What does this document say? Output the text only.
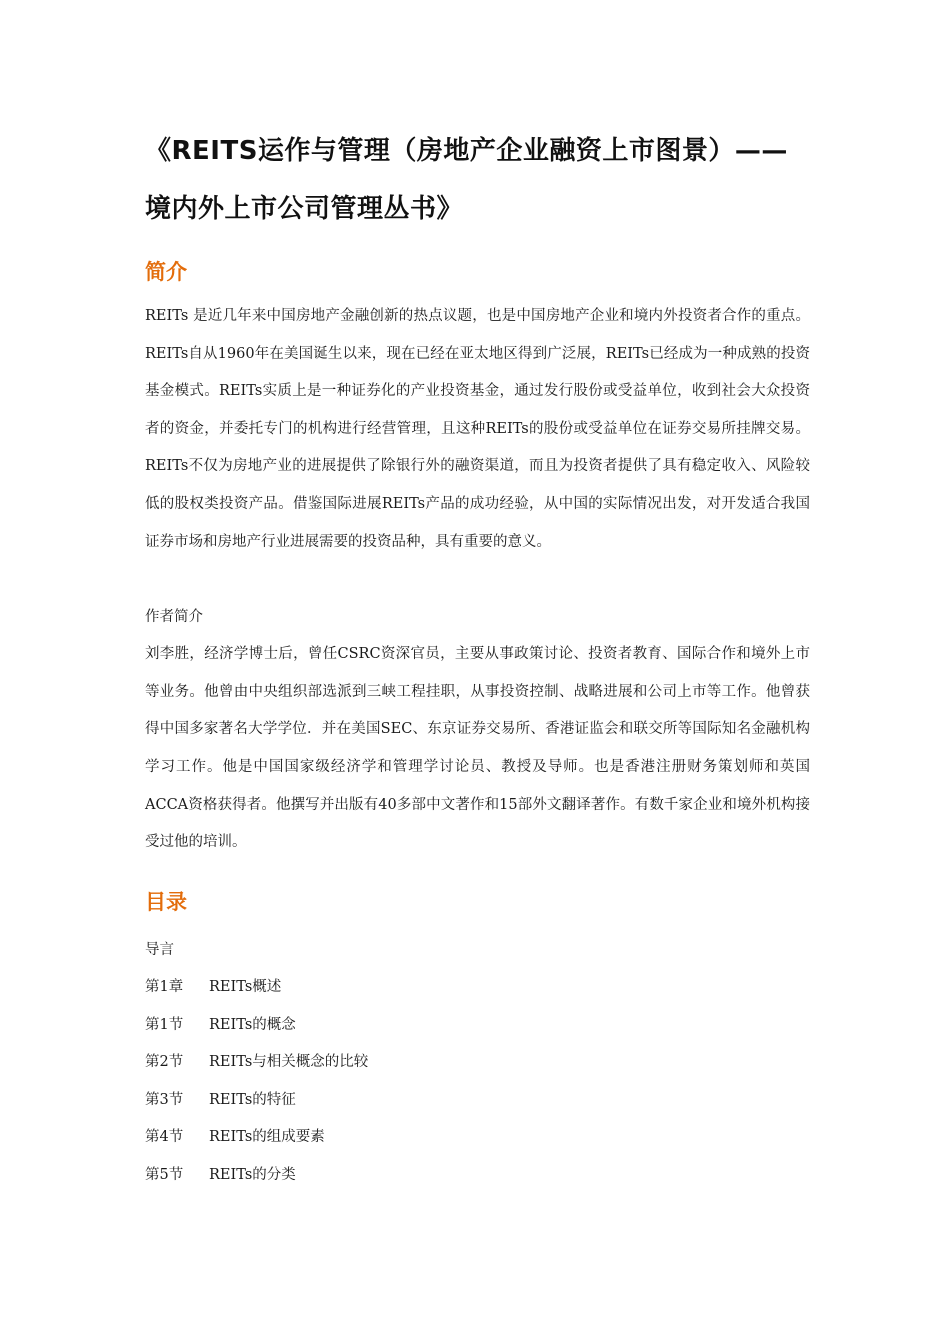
《REITS运作与管理（房地产企业融资上市图景）——境内外上市公司管理丛书》
简介

REITs 是近几年来中国房地产金融创新的热点议题，也是中国房地产企业和境内外投资者合作的重点。REITs自从1960年在美国诞生以来，现在已经在亚太地区得到广泛展，REITs已经成为一种成熟的投资基金模式。REITs实质上是一种证券化的产业投资基金，通过发行股份或受益单位，收到社会大众投资者的资金，并委托专门的机构进行经营管理，且这种REITs的股份或受益单位在证券交易所挂牌交易。REITs不仅为房地产业的进展提供了除银行外的融资渠道，而且为投资者提供了具有稳定收入、风险较低的股权类投资产品。借鉴国际进展REITs产品的成功经验，从中国的实际情况出发，对开发适合我国证券市场和房地产行业进展需要的投资品种，具有重要的意义。

作者简介

刘李胜，经济学博士后，曾任CSRC资深官员，主要从事政策讨论、投资者教育、国际合作和境外上市等业务。他曾由中央组织部选派到三峡工程挂职，从事投资控制、战略进展和公司上市等工作。他曾获得中国多家著名大学学位．并在美国SEC、东京证券交易所、香港证监会和联交所等国际知名金融机构学习工作。他是中国国家级经济学和管理学讨论员、教授及导师。也是香港注册财务策划师和英国ACCA资格获得者。他撰写并出版有40多部中文著作和15部外文翻译著作。有数千家企业和境外机构接受过他的培训。

目录
导言
第1章 REITs概述
第1节 REITs的概念
第2节 REITs与相关概念的比较
第3节 REITs的特征
第4节 REITs的组成要素
第5节 REITs的分类
